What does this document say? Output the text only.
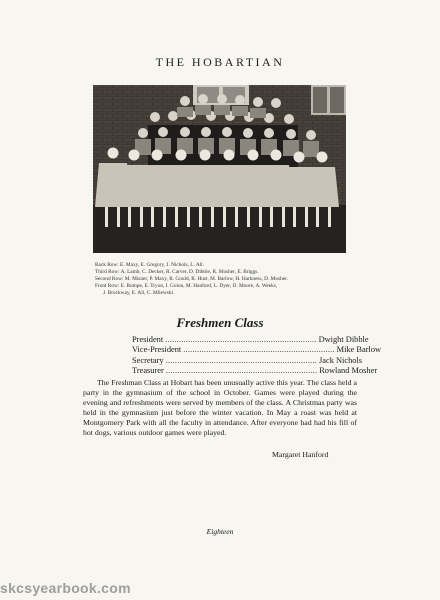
THE HOBARTIAN
Back Row: E. Maxy, E. Gregory, J. Nichols, L. All.
Third Row: A. Lamb, C. Decker, R. Carver, D. Dibble, R. Mosher, E. Briggs.
Second Row: M. Misner, P. Maxy, R. Gould, R. Hust, M. Barlow, H. Harkness, D. Mosher.
Front Row: E. Rumpe, E. Tryon, I. Golon, M. Hanford, L. Dyer, D. Moore, A. Weeks,
J. Brockway, E. All, C. Milewski.
Freshmen Class
President .................................................................. Dwight Dibble
Vice-President .................................................................. Mike Barlow
Secretary .................................................................. Jack Nichols
Treasurer .................................................................. Rowland Mosher
The Freshman Class at Hobart has been unusually active this year. The class held a party in the gymnasium of the school in October. Games were played during the evening and refreshments were served by members of the class. A Christmas party was held in the gymnasium just before the winter vacation. In May a roast was held at Montgomery Park with all the faculty in attendance. After everyone had had his fill of hot dogs, various outdoor games were played.
Margaret Hanford
Eighteen
skcsyearbook.com
